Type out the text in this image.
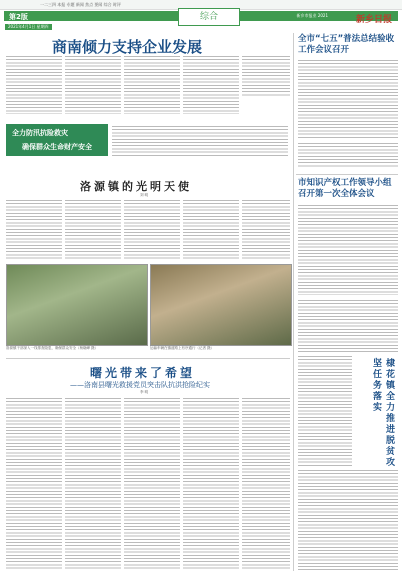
一二三四 本报 专题 新闻 焦点 要闻 综合 时评
第2版	新乡市报业 2021	新乡日报
综合
2021年4月1日 星期四
商南倾力支持企业发展	全市“七五”普法总结验收工作会议召开
全力防汛抗险救灾
确保群众生命财产安全
洛源镇的光明天使
刘 明
市知识产权工作领导小组召开第一次全体会议
洛源镇干部深入一线排查隐患，确保群众安全（杨晓峰 摄）	运输车辆在镇道路上有序通行（记者 摄）
棣花镇全力推进脱贫攻坚任务落实
曙光带来了希望
——洛南县曙光救援党员突击队抗洪抢险纪实
李 明
